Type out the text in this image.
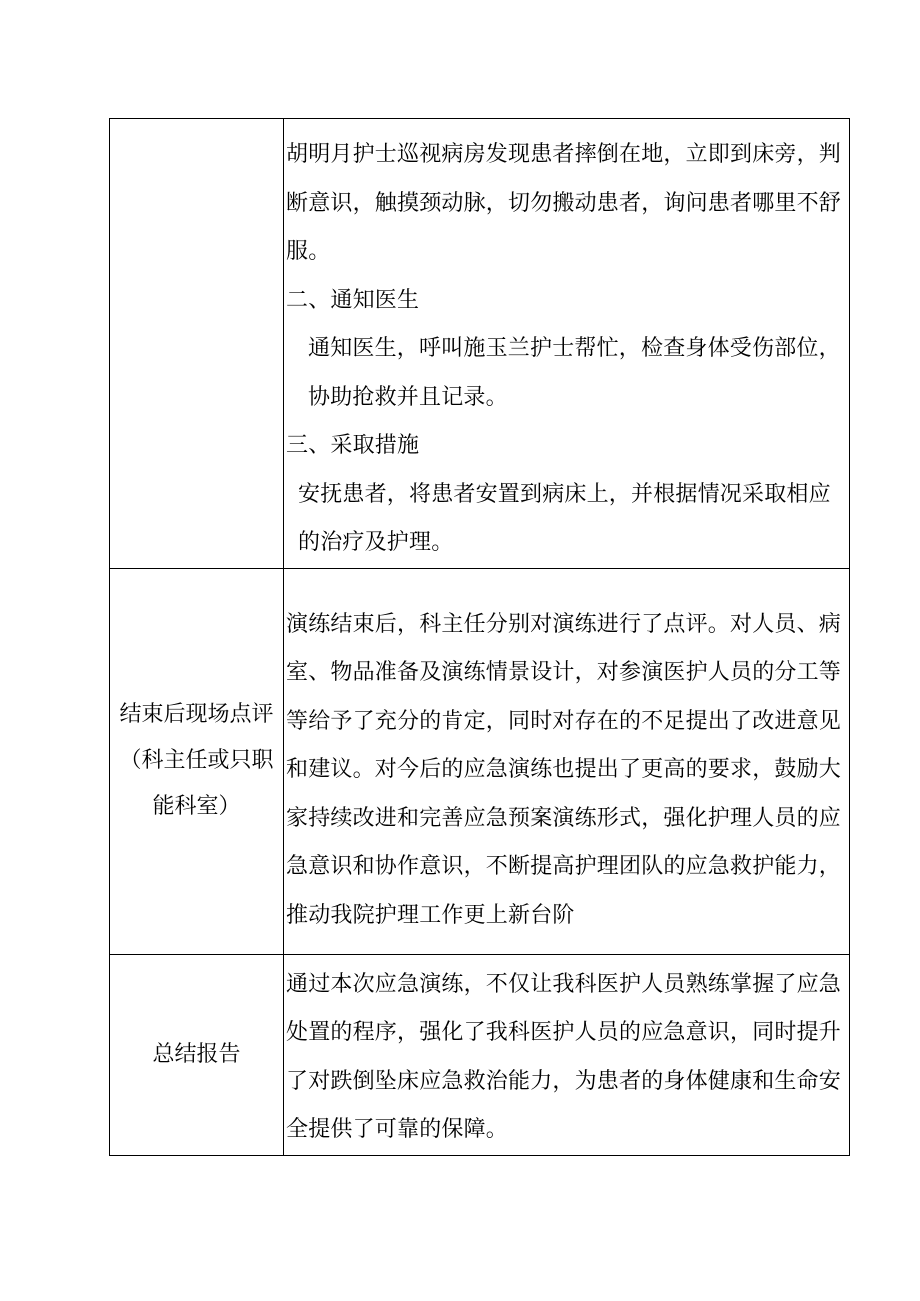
	胡明月护士巡视病房发现患者摔倒在地，立即到床旁，判断意识，触摸颈动脉，切勿搬动患者，询问患者哪里不舒服。

二、通知医生

通知医生，呼叫施玉兰护士帮忙，检查身体受伤部位，协助抢救并且记录。

三、采取措施

安抚患者，将患者安置到病床上，并根据情况采取相应的治疗及护理。

结束后现场点评
（科主任或只职
能科室）	演练结束后，科主任分别对演练进行了点评。对人员、病室、物品准备及演练情景设计，对参演医护人员的分工等等给予了充分的肯定，同时对存在的不足提出了改进意见和建议。对今后的应急演练也提出了更高的要求，鼓励大家持续改进和完善应急预案演练形式，强化护理人员的应急意识和协作意识，不断提高护理团队的应急救护能力，推动我院护理工作更上新台阶

总结报告	通过本次应急演练，不仅让我科医护人员熟练掌握了应急处置的程序，强化了我科医护人员的应急意识，同时提升了对跌倒坠床应急救治能力，为患者的身体健康和生命安全提供了可靠的保障。
